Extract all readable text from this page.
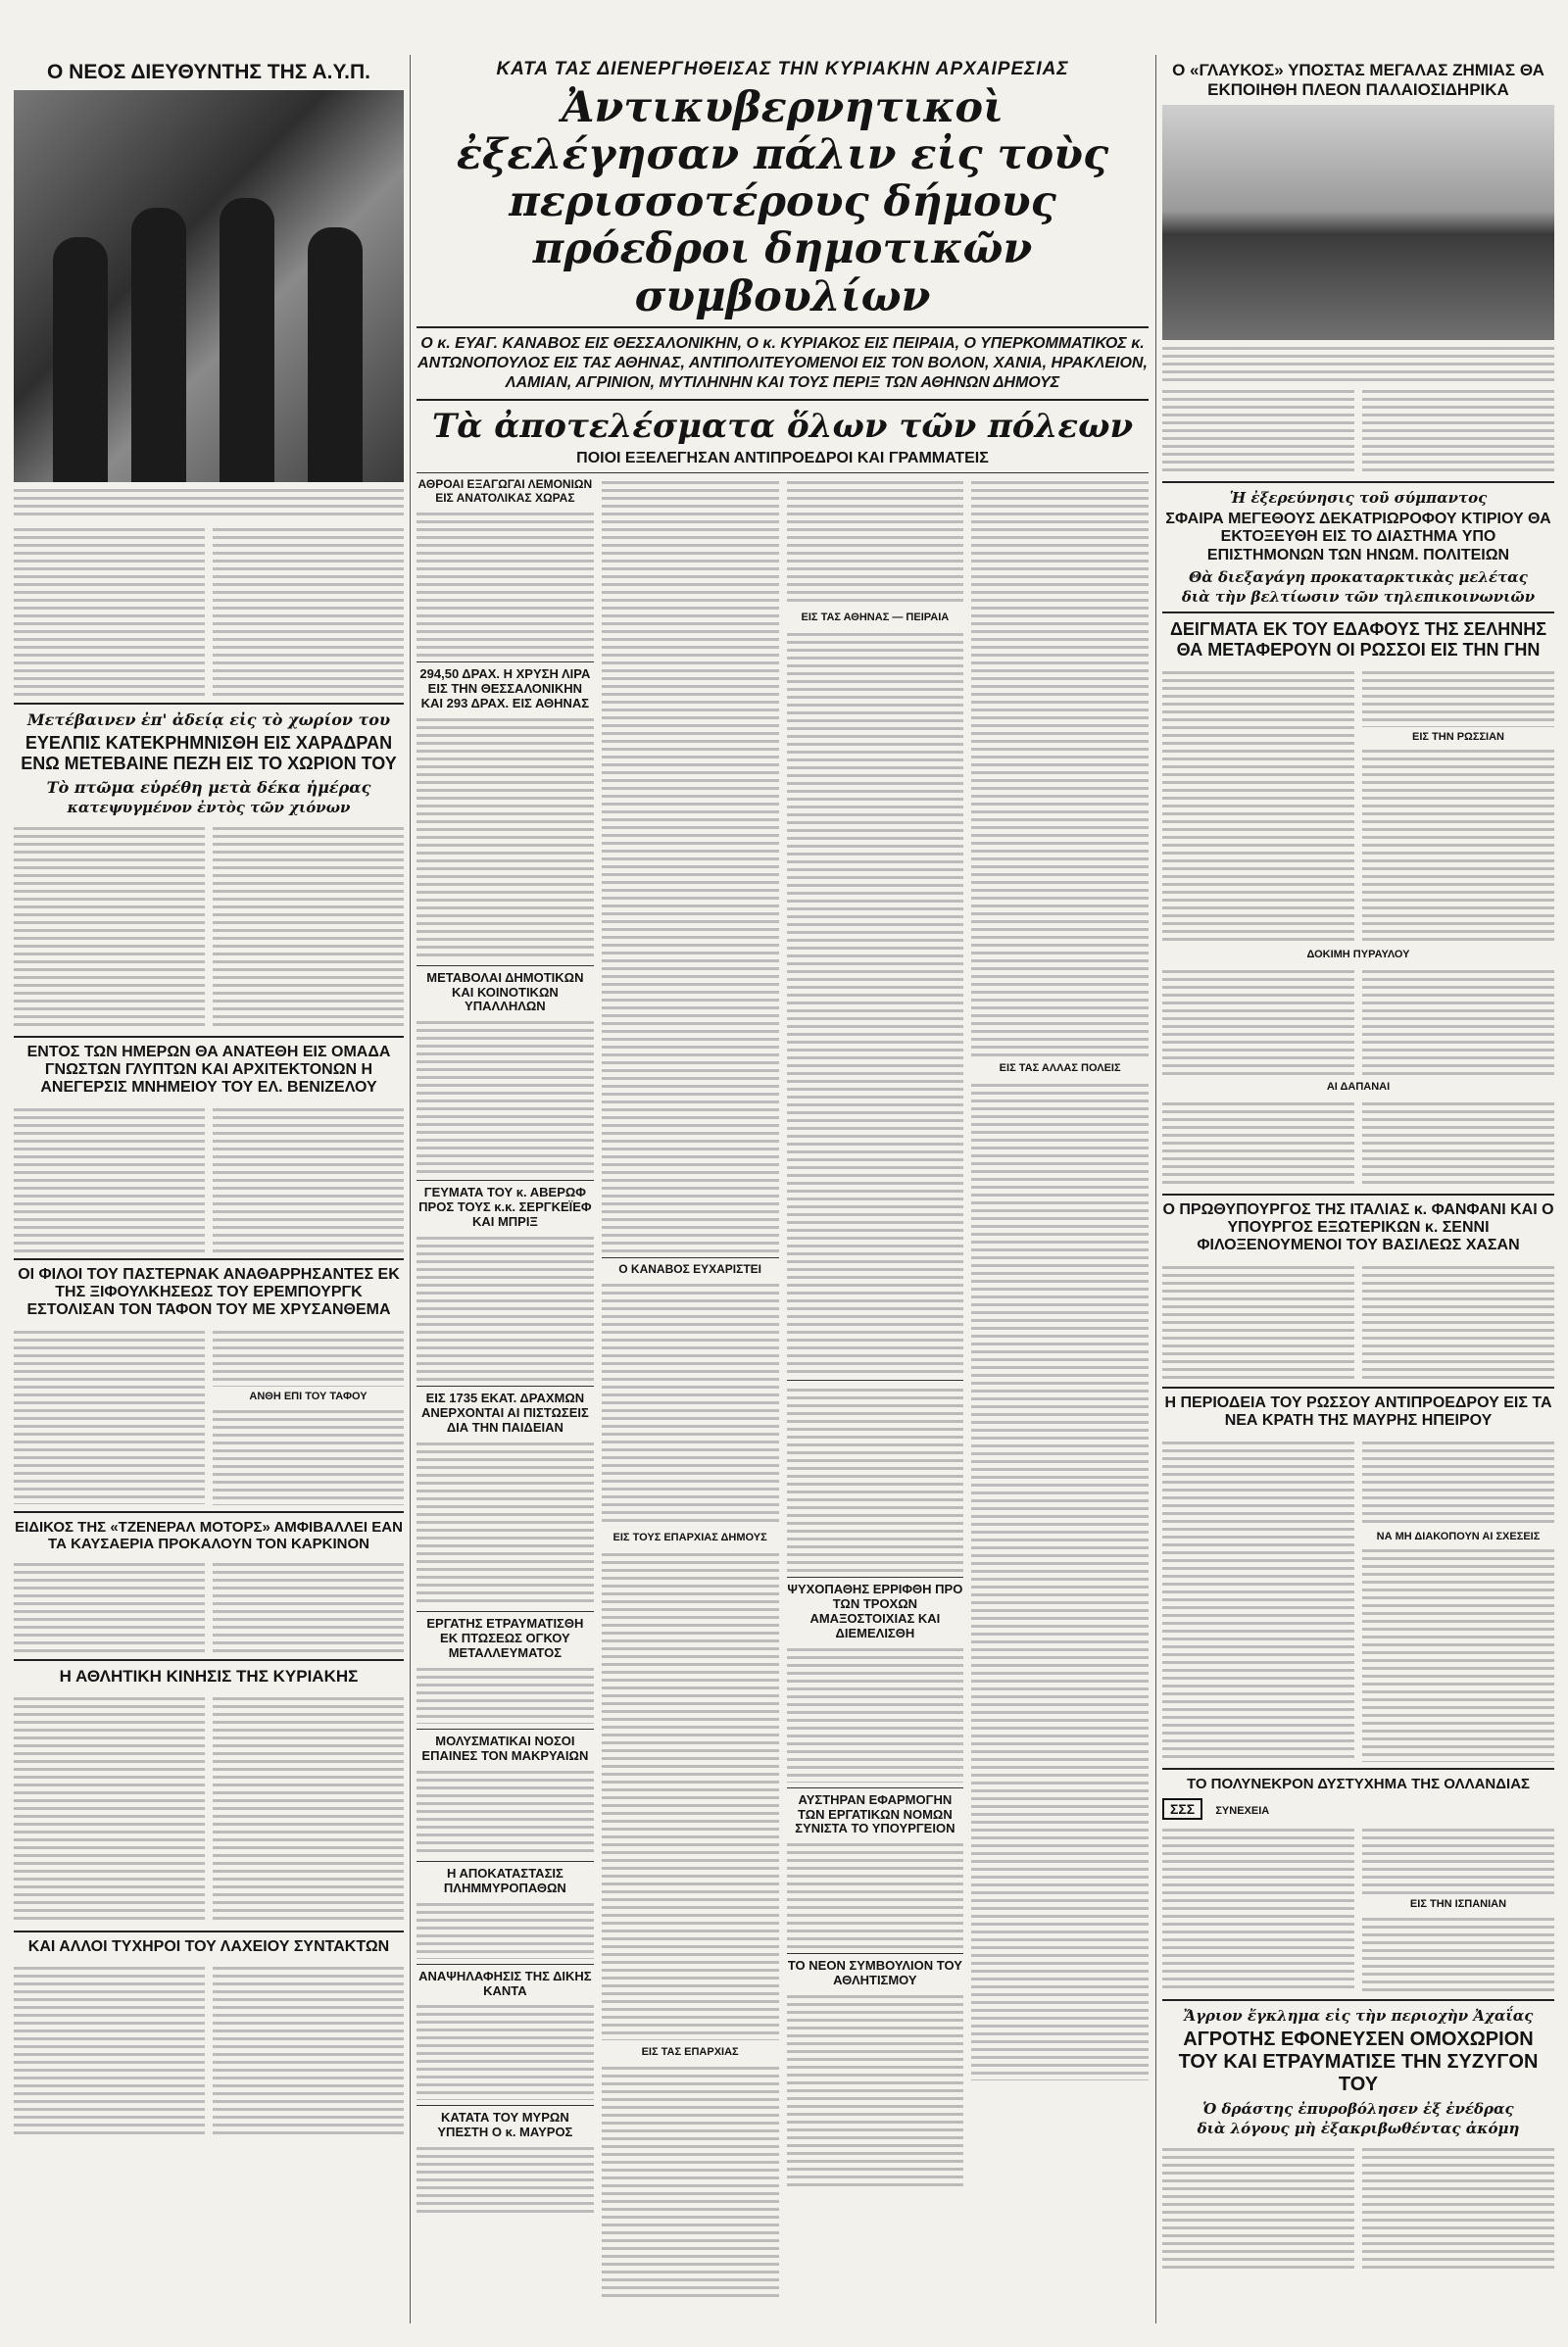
ΚΑΤΑ ΤΑΣ ΔΙΕΝΕΡΓΗΘΕΙΣΑΣ ΤΗΝ ΚΥΡΙΑΚΗΝ ΑΡΧΑΙΡΕΣΙΑΣ
Ο ΝΕΟΣ ΔΙΕΥΘΥΝΤΗΣ ΤΗΣ Α.Υ.Π.
Μετέβαινεν ἐπ' ἀδείᾳ εἰς τὸ χωρίον του
ΕΥΕΛΠΙΣ ΚΑΤΕΚΡΗΜΝΙΣΘΗ ΕΙΣ ΧΑΡΑΔΡΑΝ ΕΝΩ ΜΕΤΕΒΑΙΝΕ ΠΕΖΗ ΕΙΣ ΤΟ ΧΩΡΙΟΝ ΤΟΥ
Τὸ πτῶμα εὑρέθη μετὰ δέκα ἡμέρας
κατεψυγμένον ἐντὸς τῶν χιόνων
ΕΝΤΟΣ ΤΩΝ ΗΜΕΡΩΝ ΘΑ ΑΝΑΤΕΘΗ ΕΙΣ ΟΜΑΔΑ ΓΝΩΣΤΩΝ ΓΛΥΠΤΩΝ ΚΑΙ ΑΡΧΙΤΕΚΤΟΝΩΝ Η ΑΝΕΓΕΡΣΙΣ ΜΝΗΜΕΙΟΥ ΤΟΥ ΕΛ. ΒΕΝΙΖΕΛΟΥ
ΟΙ ΦΙΛΟΙ ΤΟΥ ΠΑΣΤΕΡΝΑΚ ΑΝΑΘΑΡΡΗΣΑΝΤΕΣ ΕΚ ΤΗΣ ΞΙΦΟΥΛΚΗΣΕΩΣ ΤΟΥ ΕΡΕΜΠΟΥΡΓΚ ΕΣΤΟΛΙΣΑΝ ΤΟΝ ΤΑΦΟΝ ΤΟΥ ΜΕ ΧΡΥΣΑΝΘΕΜΑ
ΑΝΘΗ ΕΠΙ ΤΟΥ ΤΑΦΟΥ
ΕΙΔΙΚΟΣ ΤΗΣ «ΤΖΕΝΕΡΑΛ ΜΟΤΟΡΣ» ΑΜΦΙΒΑΛΛΕΙ ΕΑΝ ΤΑ ΚΑΥΣΑΕΡΙΑ ΠΡΟΚΑΛΟΥΝ ΤΟΝ ΚΑΡΚΙΝΟΝ
Η ΑΘΛΗΤΙΚΗ ΚΙΝΗΣΙΣ ΤΗΣ ΚΥΡΙΑΚΗΣ
ΚΑΙ ΑΛΛΟΙ ΤΥΧΗΡΟΙ ΤΟΥ ΛΑΧΕΙΟΥ ΣΥΝΤΑΚΤΩΝ
Ἀντικυβερνητικοὶ ἐξελέγησαν πάλιν εἰς τοὺς περισσοτέρους δήμους πρόεδροι δημοτικῶν συμβουλίων
Ο κ. ΕΥΑΓ. ΚΑΝΑΒΟΣ ΕΙΣ ΘΕΣΣΑΛΟΝΙΚΗΝ, Ο κ. ΚΥΡΙΑΚΟΣ ΕΙΣ ΠΕΙΡΑΙΑ, Ο ΥΠΕΡΚΟΜΜΑΤΙΚΟΣ κ. ΑΝΤΩΝΟΠΟΥΛΟΣ ΕΙΣ ΤΑΣ ΑΘΗΝΑΣ, ΑΝΤΙΠΟΛΙΤΕΥΟΜΕΝΟΙ ΕΙΣ ΤΟΝ ΒΟΛΟΝ, ΧΑΝΙΑ, ΗΡΑΚΛΕΙΟΝ, ΛΑΜΙΑΝ, ΑΓΡΙΝΙΟΝ, ΜΥΤΙΛΗΝΗΝ ΚΑΙ ΤΟΥΣ ΠΕΡΙΞ ΤΩΝ ΑΘΗΝΩΝ ΔΗΜΟΥΣ
Τὰ ἀποτελέσματα ὅλων τῶν πόλεων
ΠΟΙΟΙ ΕΞΕΛΕΓΗΣΑΝ ΑΝΤΙΠΡΟΕΔΡΟΙ ΚΑΙ ΓΡΑΜΜΑΤΕΙΣ
ΑΘΡΟΑΙ ΕΞΑΓΩΓΑΙ ΛΕΜΟΝΙΩΝ ΕΙΣ ΑΝΑΤΟΛΙΚΑΣ ΧΩΡΑΣ
294,50 ΔΡΑΧ. Η ΧΡΥΣΗ ΛΙΡΑ ΕΙΣ ΤΗΝ ΘΕΣΣΑΛΟΝΙΚΗΝ ΚΑΙ 293 ΔΡΑΧ. ΕΙΣ ΑΘΗΝΑΣ
ΜΕΤΑΒΟΛΑΙ ΔΗΜΟΤΙΚΩΝ ΚΑΙ ΚΟΙΝΟΤΙΚΩΝ ΥΠΑΛΛΗΛΩΝ
ΓΕΥΜΑΤΑ ΤΟΥ κ. ΑΒΕΡΩΦ ΠΡΟΣ ΤΟΥΣ κ.κ. ΣΕΡΓΚΕΪΕΦ ΚΑΙ ΜΠΡΙΞ
ΕΙΣ 1735 ΕΚΑΤ. ΔΡΑΧΜΩΝ ΑΝΕΡΧΟΝΤΑΙ ΑΙ ΠΙΣΤΩΣΕΙΣ ΔΙΑ ΤΗΝ ΠΑΙΔΕΙΑΝ
ΕΡΓΑΤΗΣ ΕΤΡΑΥΜΑΤΙΣΘΗ ΕΚ ΠΤΩΣΕΩΣ ΟΓΚΟΥ ΜΕΤΑΛΛΕΥΜΑΤΟΣ
ΜΟΛΥΣΜΑΤΙΚΑΙ ΝΟΣΟΙ ΕΠΑΙΝΕΣ ΤΟΝ ΜΑΚΡΥΑΙΩΝ
Η ΑΠΟΚΑΤΑΣΤΑΣΙΣ ΠΛΗΜΜΥΡΟΠΑΘΩΝ
ΑΝΑΨΗΛΑΦΗΣΙΣ ΤΗΣ ΔΙΚΗΣ ΚΑΝΤΑ
ΚΑΤΑΤΑ ΤΟΥ ΜΥΡΩΝ ΥΠΕΣΤΗ Ο κ. ΜΑΥΡΟΣ
Ο ΚΑΝΑΒΟΣ ΕΥΧΑΡΙΣΤΕΙ
ΕΙΣ ΤΟΥΣ ΕΠΑΡΧΙΑΣ ΔΗΜΟΥΣ
ΕΙΣ ΤΑΣ ΕΠΑΡΧΙΑΣ
ΕΙΣ ΤΑΣ ΑΘΗΝΑΣ — ΠΕΙΡΑΙΑ
ΨΥΧΟΠΑΘΗΣ ΕΡΡΙΦΘΗ ΠΡΟ ΤΩΝ ΤΡΟΧΩΝ ΑΜΑΞΟΣΤΟΙΧΙΑΣ ΚΑΙ ΔΙΕΜΕΛΙΣΘΗ
ΑΥΣΤΗΡΑΝ ΕΦΑΡΜΟΓΗΝ ΤΩΝ ΕΡΓΑΤΙΚΩΝ ΝΟΜΩΝ ΣΥΝΙΣΤΑ ΤΟ ΥΠΟΥΡΓΕΙΟΝ
ΤΟ ΝΕΟΝ ΣΥΜΒΟΥΛΙΟΝ ΤΟΥ ΑΘΛΗΤΙΣΜΟΥ
ΕΙΣ ΤΑΣ ΑΛΛΑΣ ΠΟΛΕΙΣ
Ο «ΓΛΑΥΚΟΣ» ΥΠΟΣΤΑΣ ΜΕΓΑΛΑΣ ΖΗΜΙΑΣ ΘΑ ΕΚΠΟΙΗΘΗ ΠΛΕΟΝ ΠΑΛΑΙΟΣΙΔΗΡΙΚΑ
Ἡ ἐξερεύνησις τοῦ σύμπαντος
ΣΦΑΙΡΑ ΜΕΓΕΘΟΥΣ ΔΕΚΑΤΡΙΩΡΟΦΟΥ ΚΤΙΡΙΟΥ ΘΑ ΕΚΤΟΞΕΥΘΗ ΕΙΣ ΤΟ ΔΙΑΣΤΗΜΑ ΥΠΟ ΕΠΙΣΤΗΜΟΝΩΝ ΤΩΝ ΗΝΩΜ. ΠΟΛΙΤΕΙΩΝ
Θὰ διεξαγάγη προκαταρκτικὰς μελέτας
διὰ τὴν βελτίωσιν τῶν τηλεπικοινωνιῶν
ΔΕΙΓΜΑΤΑ ΕΚ ΤΟΥ ΕΔΑΦΟΥΣ ΤΗΣ ΣΕΛΗΝΗΣ ΘΑ ΜΕΤΑΦΕΡΟΥΝ ΟΙ ΡΩΣΣΟΙ ΕΙΣ ΤΗΝ ΓΗΝ
ΕΙΣ ΤΗΝ ΡΩΣΣΙΑΝ
ΔΟΚΙΜΗ ΠΥΡΑΥΛΟΥ
ΑΙ ΔΑΠΑΝΑΙ
Ο ΠΡΩΘΥΠΟΥΡΓΟΣ ΤΗΣ ΙΤΑΛΙΑΣ κ. ΦΑΝΦΑΝΙ ΚΑΙ Ο ΥΠΟΥΡΓΟΣ ΕΞΩΤΕΡΙΚΩΝ κ. ΣΕΝΝΙ ΦΙΛΟΞΕΝΟΥΜΕΝΟΙ ΤΟΥ ΒΑΣΙΛΕΩΣ ΧΑΣΑΝ
Η ΠΕΡΙΟΔΕΙΑ ΤΟΥ ΡΩΣΣΟΥ ΑΝΤΙΠΡΟΕΔΡΟΥ ΕΙΣ ΤΑ ΝΕΑ ΚΡΑΤΗ ΤΗΣ ΜΑΥΡΗΣ ΗΠΕΙΡΟΥ
ΝΑ ΜΗ ΔΙΑΚΟΠΟΥΝ ΑΙ ΣΧΕΣΕΙΣ
ΤΟ ΠΟΛΥΝΕΚΡΟΝ ΔΥΣΤΥΧΗΜΑ ΤΗΣ ΟΛΛΑΝΔΙΑΣ
ΣΣΣ ΣΥΝΕΧΕΙΑ
ΕΙΣ ΤΗΝ ΙΣΠΑΝΙΑΝ
Ἄγριον ἔγκλημα εἰς τὴν περιοχὴν Ἀχαΐας
ΑΓΡΟΤΗΣ ΕΦΟΝΕΥΣΕΝ ΟΜΟΧΩΡΙΟΝ ΤΟΥ ΚΑΙ ΕΤΡΑΥΜΑΤΙΣΕ ΤΗΝ ΣΥΖΥΓΟΝ ΤΟΥ
Ὁ δράστης ἐπυροβόλησεν ἐξ ἐνέδρας
διὰ λόγους μὴ ἐξακριβωθέντας ἀκόμη
